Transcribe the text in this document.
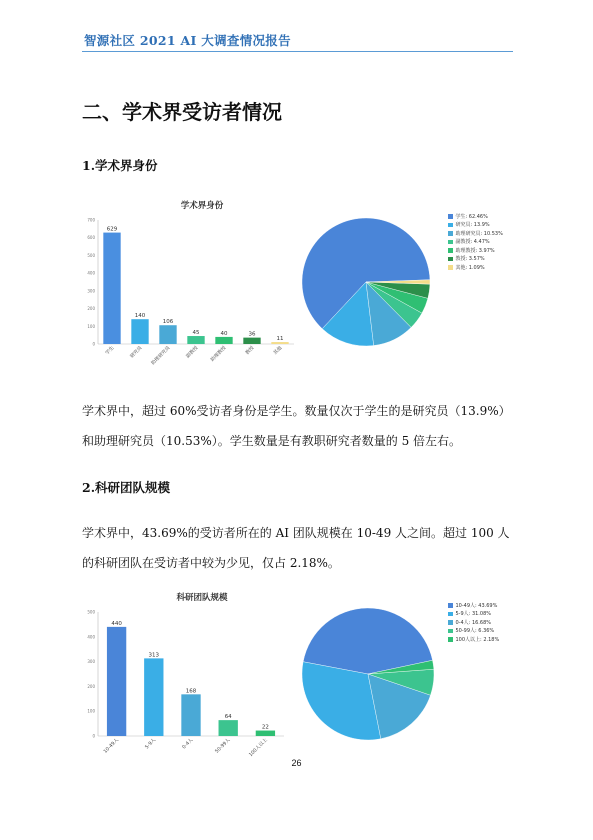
智源社区 2021 AI 大调查情况报告
二、学术界受访者情况
1.学术界身份
学术界身份
700
600
500
400
300
200
100
0
629
学生
140
研究员
106
助理研究员
45
副教授
40
助理教授
36
教授
11
其他
学生: 62.46%
研究员: 13.9%
助理研究员: 10.53%
副教授: 4.47%
助理教授: 3.97%
教授: 3.57%
其他: 1.09%
学术界中，超过 60%受访者身份是学生。数量仅次于学生的是研究员（13.9%）和助理研究员（10.53%）。学生数量是有教职研究者数量的 5 倍左右。
2.科研团队规模
学术界中，43.69%的受访者所在的 AI 团队规模在 10-49 人之间。超过 100 人的科研团队在受访者中较为少见，仅占 2.18%。
科研团队规模
500
400
300
200
100
0
440
10-49人
313
5-9人
168
0-4人
64
50-99人
22
100人以上
10-49人: 43.69%
5-9人: 31.08%
0-4人: 16.68%
50-99人: 6.36%
100人以上: 2.18%
26
